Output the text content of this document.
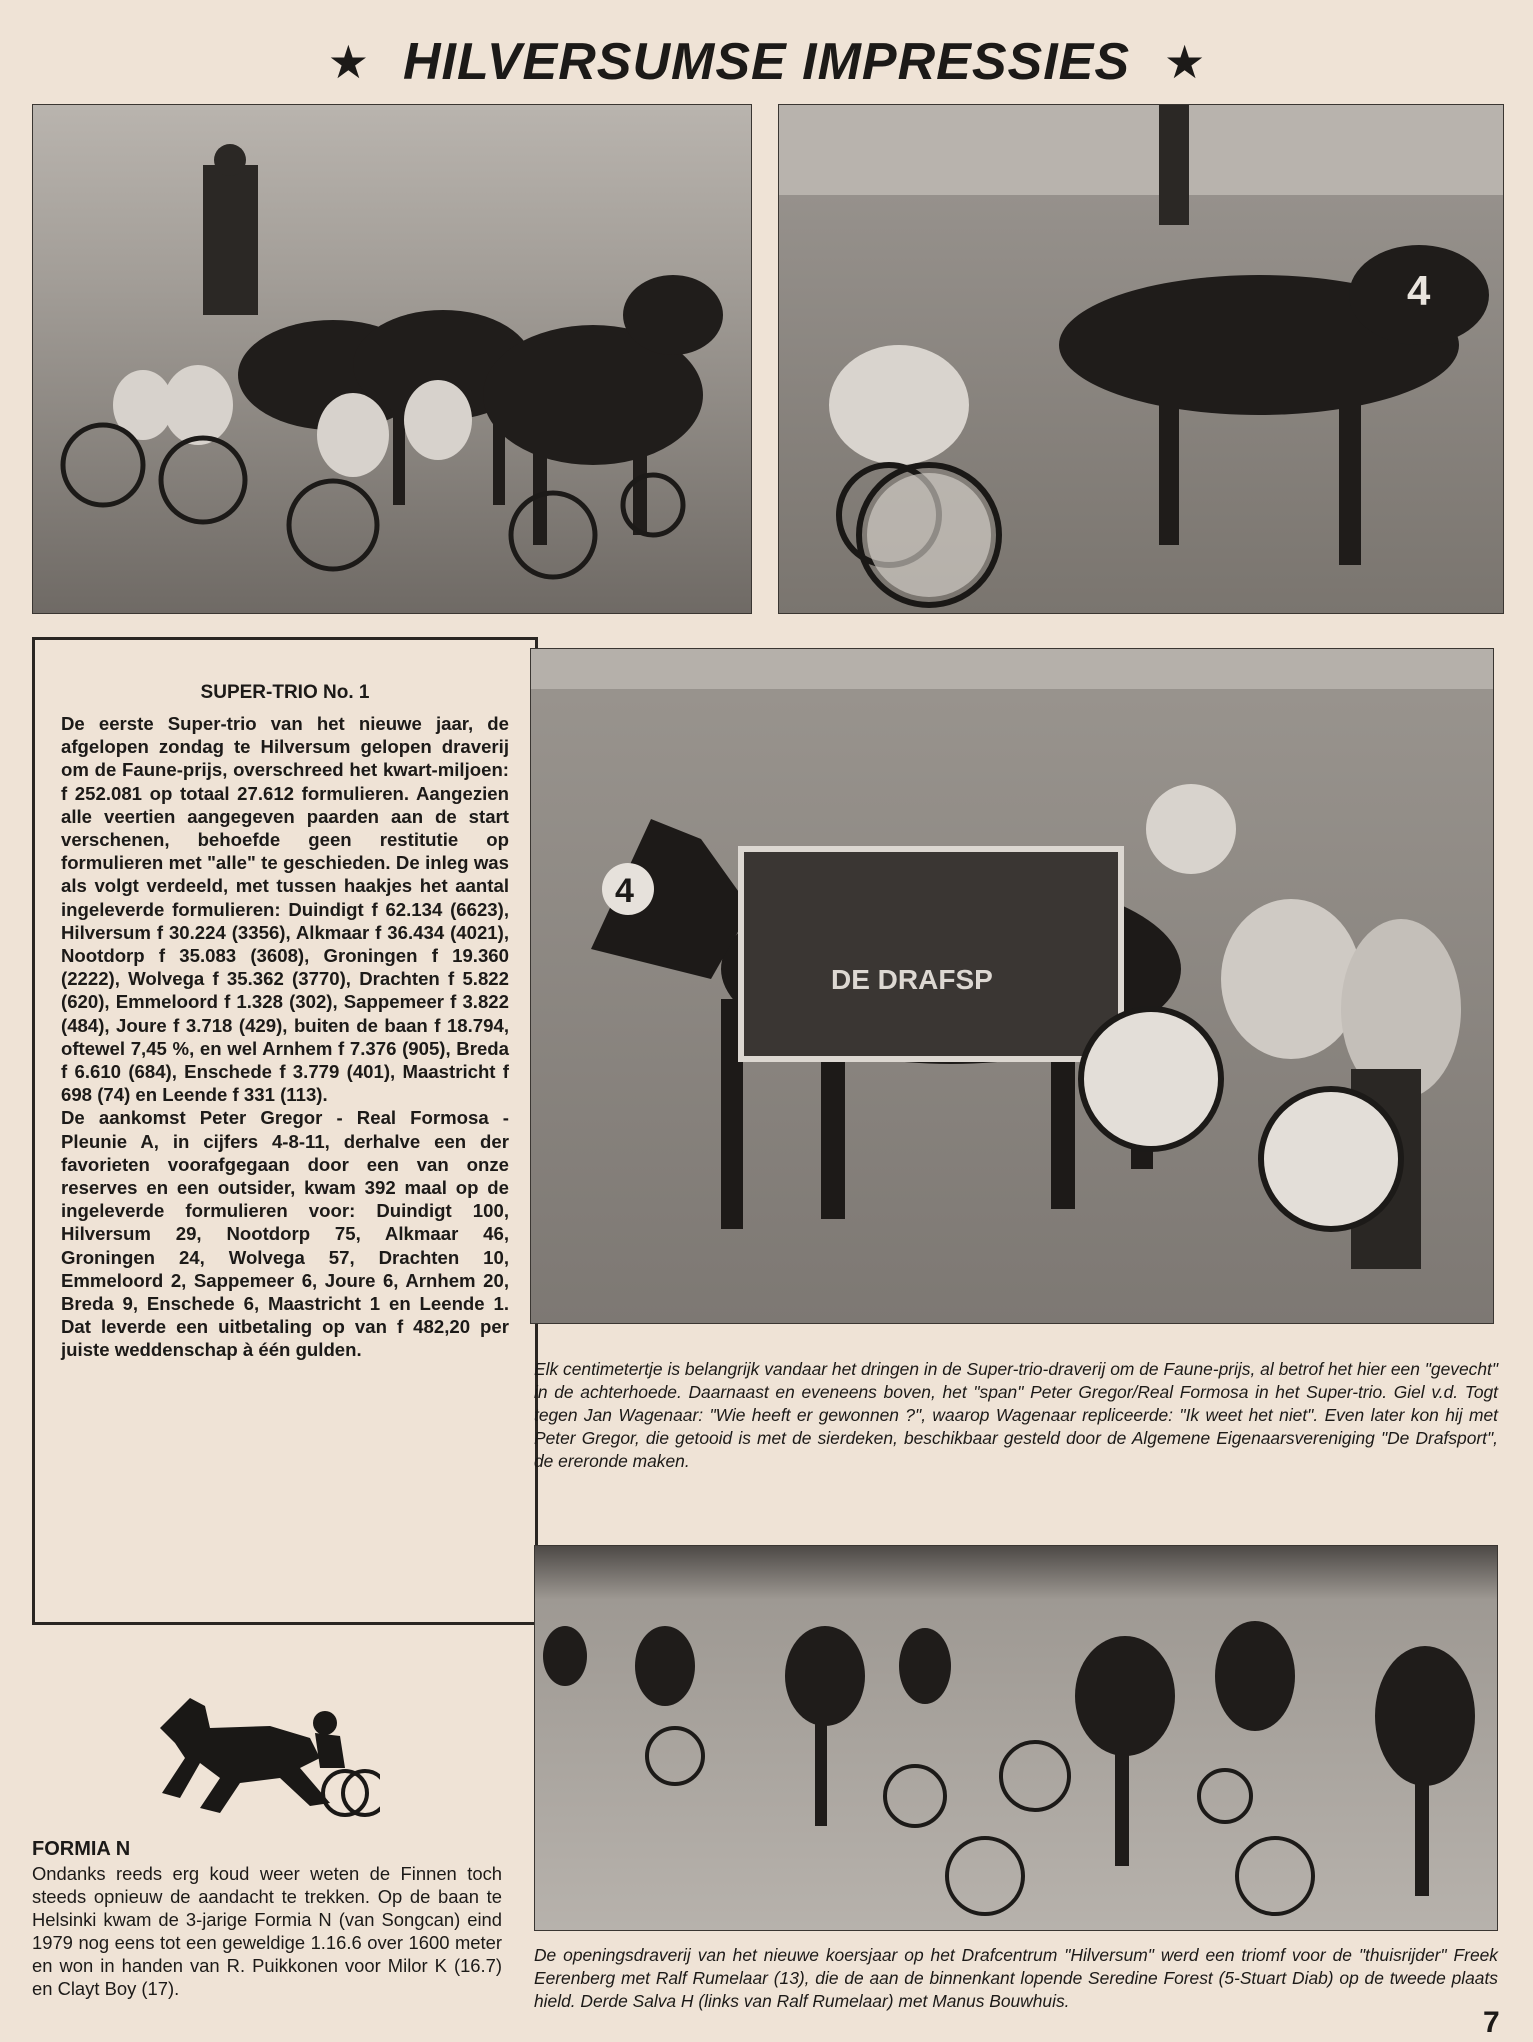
★ HILVERSUMSE IMPRESSIES ★
4
SUPER-TRIO No. 1

De eerste Super-trio van het nieuwe jaar, de afgelopen zondag te Hilversum gelopen draverij om de Faune-prijs, overschreed het kwart-miljoen: f 252.081 op totaal 27.612 formulieren. Aangezien alle veertien aangegeven paarden aan de start verschenen, behoefde geen restitutie op formulieren met "alle" te geschieden. De inleg was als volgt verdeeld, met tussen haakjes het aantal ingeleverde formulieren: Duindigt f 62.134 (6623), Hilversum f 30.224 (3356), Alkmaar f 36.434 (4021), Nootdorp f 35.083 (3608), Groningen f 19.360 (2222), Wolvega f 35.362 (3770), Drachten f 5.822 (620), Emmeloord f 1.328 (302), Sappemeer f 3.822 (484), Joure f 3.718 (429), buiten de baan f 18.794, oftewel 7,45 %, en wel Arnhem f 7.376 (905), Breda f 6.610 (684), Enschede f 3.779 (401), Maastricht f 698 (74) en Leende f 331 (113).

De aankomst Peter Gregor - Real Formosa - Pleunie A, in cijfers 4-8-11, derhalve een der favorieten voorafgegaan door een van onze reserves en een outsider, kwam 392 maal op de ingeleverde formulieren voor: Duindigt 100, Hilversum 29, Nootdorp 75, Alkmaar 46, Groningen 24, Wolvega 57, Drachten 10, Emmeloord 2, Sappemeer 6, Joure 6, Arnhem 20, Breda 9, Enschede 6, Maastricht 1 en Leende 1. Dat leverde een uitbetaling op van f 482,20 per juiste weddenschap à één gulden.

4
DE DRAFSP
Elk centimetertje is belangrijk vandaar het dringen in de Super-trio-draverij om de Faune-prijs, al betrof het hier een "gevecht" in de achterhoede. Daarnaast en eveneens boven, het "span" Peter Gregor/Real Formosa in het Super-trio. Giel v.d. Togt tegen Jan Wagenaar: "Wie heeft er gewonnen ?", waarop Wagenaar repliceerde: "Ik weet het niet". Even later kon hij met Peter Gregor, die getooid is met de sierdeken, beschikbaar gesteld door de Algemene Eigenaarsvereniging "De Drafsport", de ereronde maken.
De openingsdraverij van het nieuwe koersjaar op het Drafcentrum "Hilversum" werd een triomf voor de "thuisrijder" Freek Eerenberg met Ralf Rumelaar (13), die de aan de binnenkant lopende Seredine Forest (5-Stuart Diab) op de tweede plaats hield. Derde Salva H (links van Ralf Rumelaar) met Manus Bouwhuis.
FORMIA N
Ondanks reeds erg koud weer weten de Finnen toch steeds opnieuw de aandacht te trekken. Op de baan te Helsinki kwam de 3-jarige Formia N (van Songcan) eind 1979 nog eens tot een geweldige 1.16.6 over 1600 meter en won in handen van R. Puikkonen voor Milor K (16.7) en Clayt Boy (17).
7
